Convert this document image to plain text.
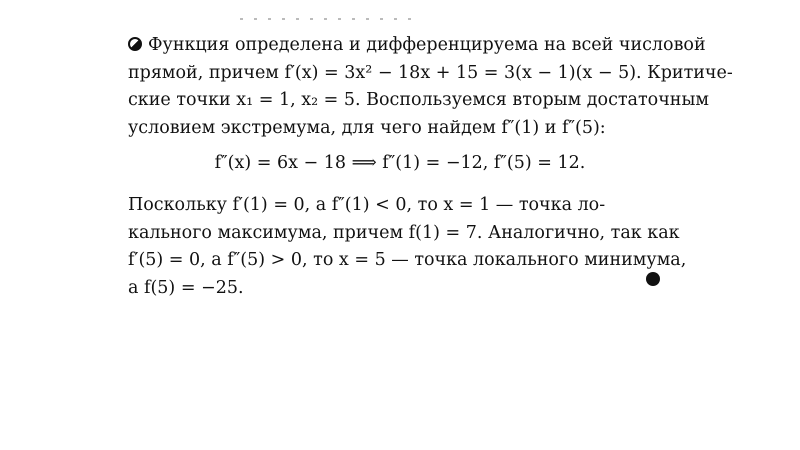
Функция определена и дифференцируема на всей числовой
прямой, причем f′(x) = 3x² − 18x + 15 = 3(x − 1)(x − 5). Критиче-
ские точки x₁ = 1, x₂ = 5. Воспользуемся вторым достаточным
условием экстремума, для чего найдем f″(1) и f″(5):
f″(x) = 6x − 18 ⟹ f″(1) = −12, f″(5) = 12.
Поскольку f′(1) = 0, а f″(1) < 0, то x = 1 — точка ло-
кального максимума, причем f(1) = 7. Аналогично, так как
f′(5) = 0, а f″(5) > 0, то x = 5 — точка локального минимума,
а f(5) = −25.
